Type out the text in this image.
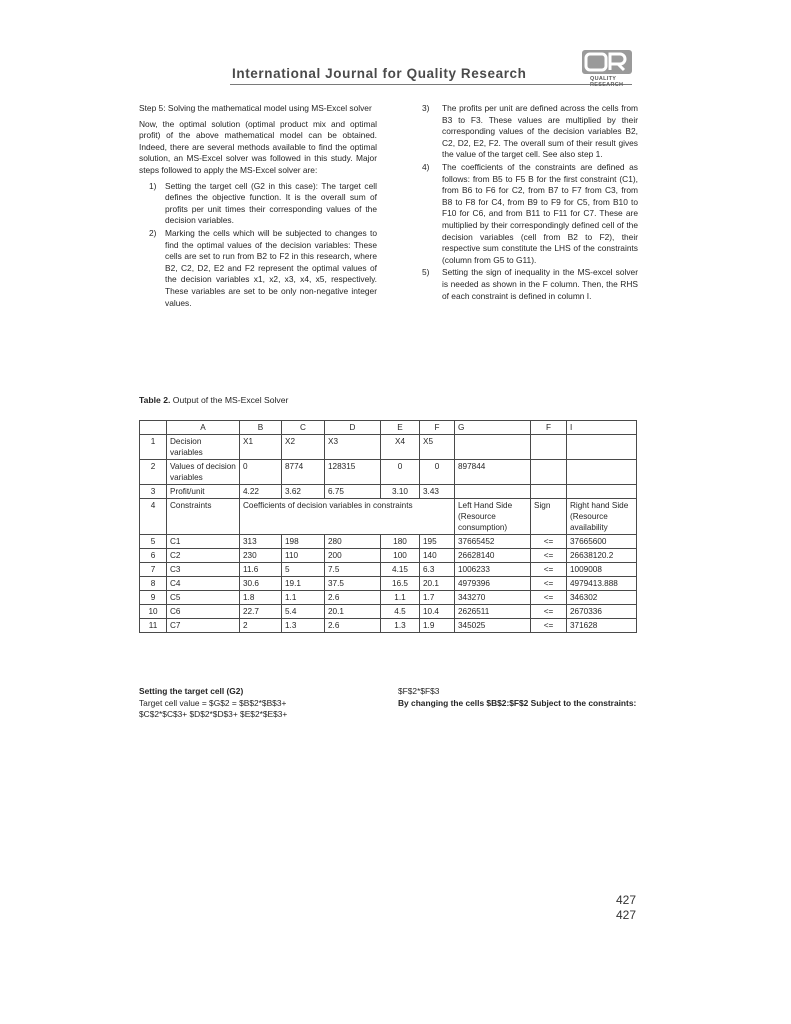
International Journal for Quality Research	QUALITY
RESEARCH

Step 5: Solving the mathematical model using MS-Excel solver

Now, the optimal solution (optimal product mix and optimal profit) of the above mathematical model can be obtained. Indeed, there are several methods available to find the optimal solution, an MS-Excel solver was followed in this study. Major steps followed to apply the MS-Excel solver are:

1) Setting the target cell (G2 in this case): The target cell defines the objective function. It is the overall sum of profits per unit times their corresponding values of the decision variables.
2) Marking the cells which will be subjected to changes to find the optimal values of the decision variables: These cells are set to run from B2 to F2 in this research, where B2, C2, D2, E2 and F2 represent the optimal values of the decision variables x1, x2, x3, x4, x5, respectively. These variables are set to be only non-negative integer values.
3) The profits per unit are defined across the cells from B3 to F3. These values are multiplied by their corresponding values of the decision variables B2, C2, D2, E2, F2. The overall sum of their result gives the value of the target cell. See also step 1.
4) The coefficients of the constraints are defined as follows: from B5 to F5 B for the first constraint (C1), from B6 to F6 for C2, from B7 to F7 from C3, from B8 to F8 for C4, from B9 to F9 for C5, from B10 to F10 for C6, and from B11 to F11 for C7. These are multiplied by their correspondingly defined cell of the decision variables (cell from B2 to F2), their respective sum constitute the LHS of the constraints (column from G5 to G11).
5) Setting the sign of inequality in the MS-excel solver is needed as shown in the F column. Then, the RHS of each constraint is defined in column I.
Table 2. Output of the MS-Excel Solver
	A	B	C	D	E	F	G	F	I
1	Decision variables	X1	X2	X3	X4	X5			
2	Values of decision variables	0	8774	128315	0	0	897844		
3	Profit/unit	4.22	3.62	6.75	3.10	3.43			
4	Constraints	Coefficients of decision variables in constraints					Left Hand Side (Resource consumption)	Sign	Right hand Side (Resource availability
5	C1	313	198	280	180	195	37665452	<=	37665600
6	C2	230	110	200	100	140	26628140	<=	26638120.2
7	C3	11.6	5	7.5	4.15	6.3	1006233	<=	1009008
8	C4	30.6	19.1	37.5	16.5	20.1	4979396	<=	4979413.888
9	C5	1.8	1.1	2.6	1.1	1.7	343270	<=	346302
10	C6	22.7	5.4	20.1	4.5	10.4	2626511	<=	2670336
11	C7	2	1.3	2.6	1.3	1.9	345025	<=	371628
Setting the target cell (G2)
Target cell value = $G$2 = $B$2*$B$3+
$C$2*$C$3+ $D$2*$D$3+ $E$2*$E$3+
$F$2*$F$3
By changing the cells $B$2:$F$2 Subject to the constraints:
427
427
